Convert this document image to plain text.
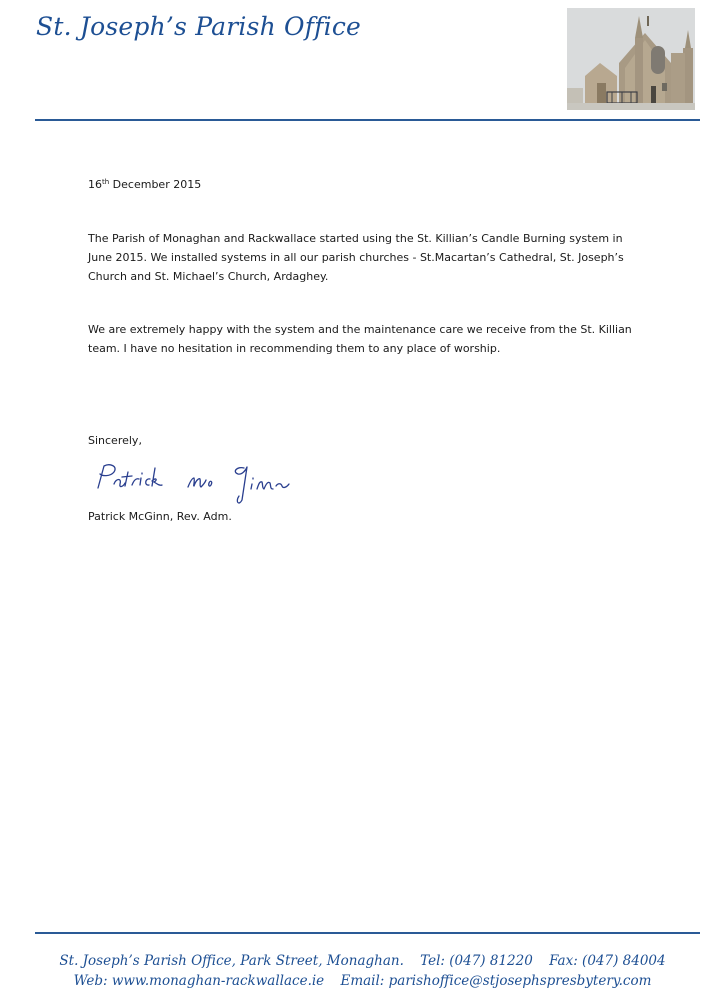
St. Joseph’s Parish Office

16th December 2015

The Parish of Monaghan and Rackwallace started using the St. Killian’s Candle Burning system in June 2015. We installed systems in all our parish churches - St.Macartan’s Cathedral, St. Joseph’s Church and St. Michael’s Church, Ardaghey.

We are extremely happy with the system and the maintenance care we receive from the St. Killian team. I have no hesitation in recommending them to any place of worship.

Sincerely,

Patrick McGinn, Rev. Adm.

St. Joseph’s Parish Office, Park Street, Monaghan. Tel: (047) 81220 Fax: (047) 84004

Web: www.monaghan-rackwallace.ie Email: parishoffice@stjosephspresbytery.com
